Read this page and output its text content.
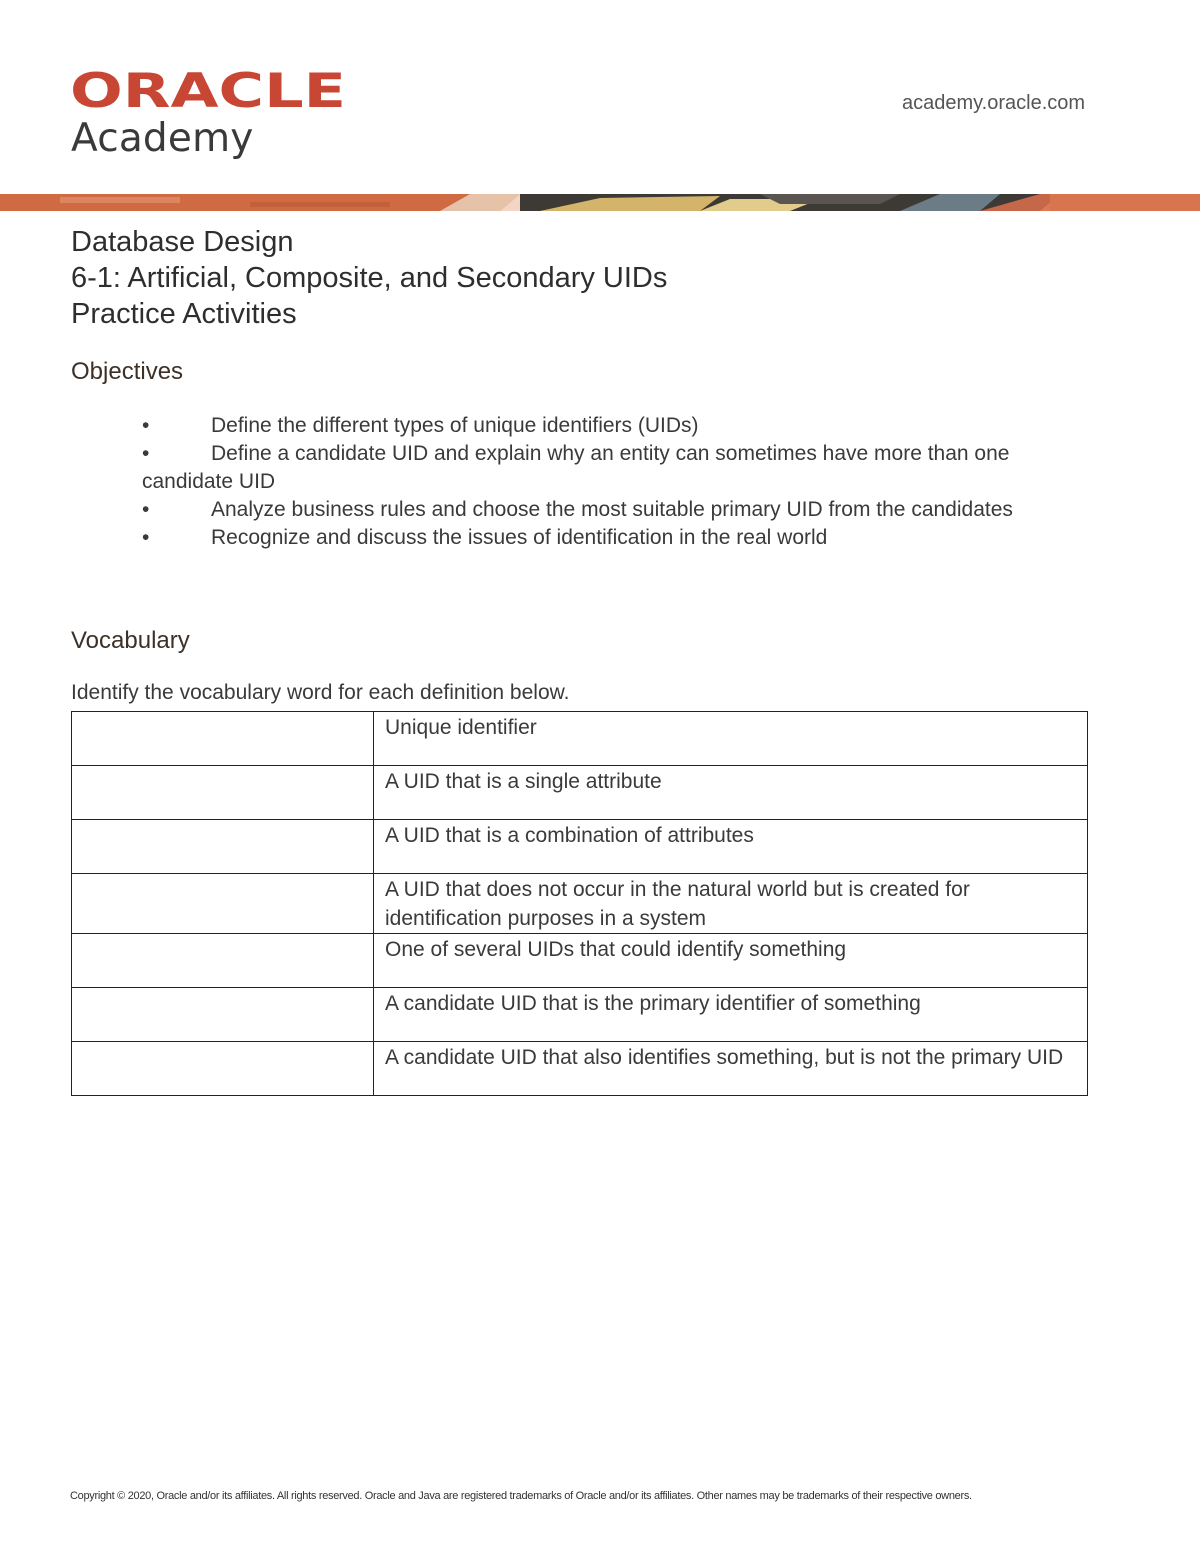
ORACLE
Academy
academy.oracle.com
Database Design
6-1: Artificial, Composite, and Secondary UIDs
Practice Activities
Objectives

•	Define the different types of unique identifiers (UIDs)

•	Define a candidate UID and explain why an entity can sometimes have more than one candidate UID

•	Analyze business rules and choose the most suitable primary UID from the candidates

•	Recognize and discuss the issues of identification in the real world

Vocabulary
Identify the vocabulary word for each definition below.
	Unique identifier
	A UID that is a single attribute
	A UID that is a combination of attributes
	A UID that does not occur in the natural world but is created for identification purposes in a system
	One of several UIDs that could identify something
	A candidate UID that is the primary identifier of something
	A candidate UID that also identifies something, but is not the primary UID
Copyright © 2020, Oracle and/or its affiliates. All rights reserved. Oracle and Java are registered trademarks of Oracle and/or its affiliates. Other names may be trademarks of their respective owners.
